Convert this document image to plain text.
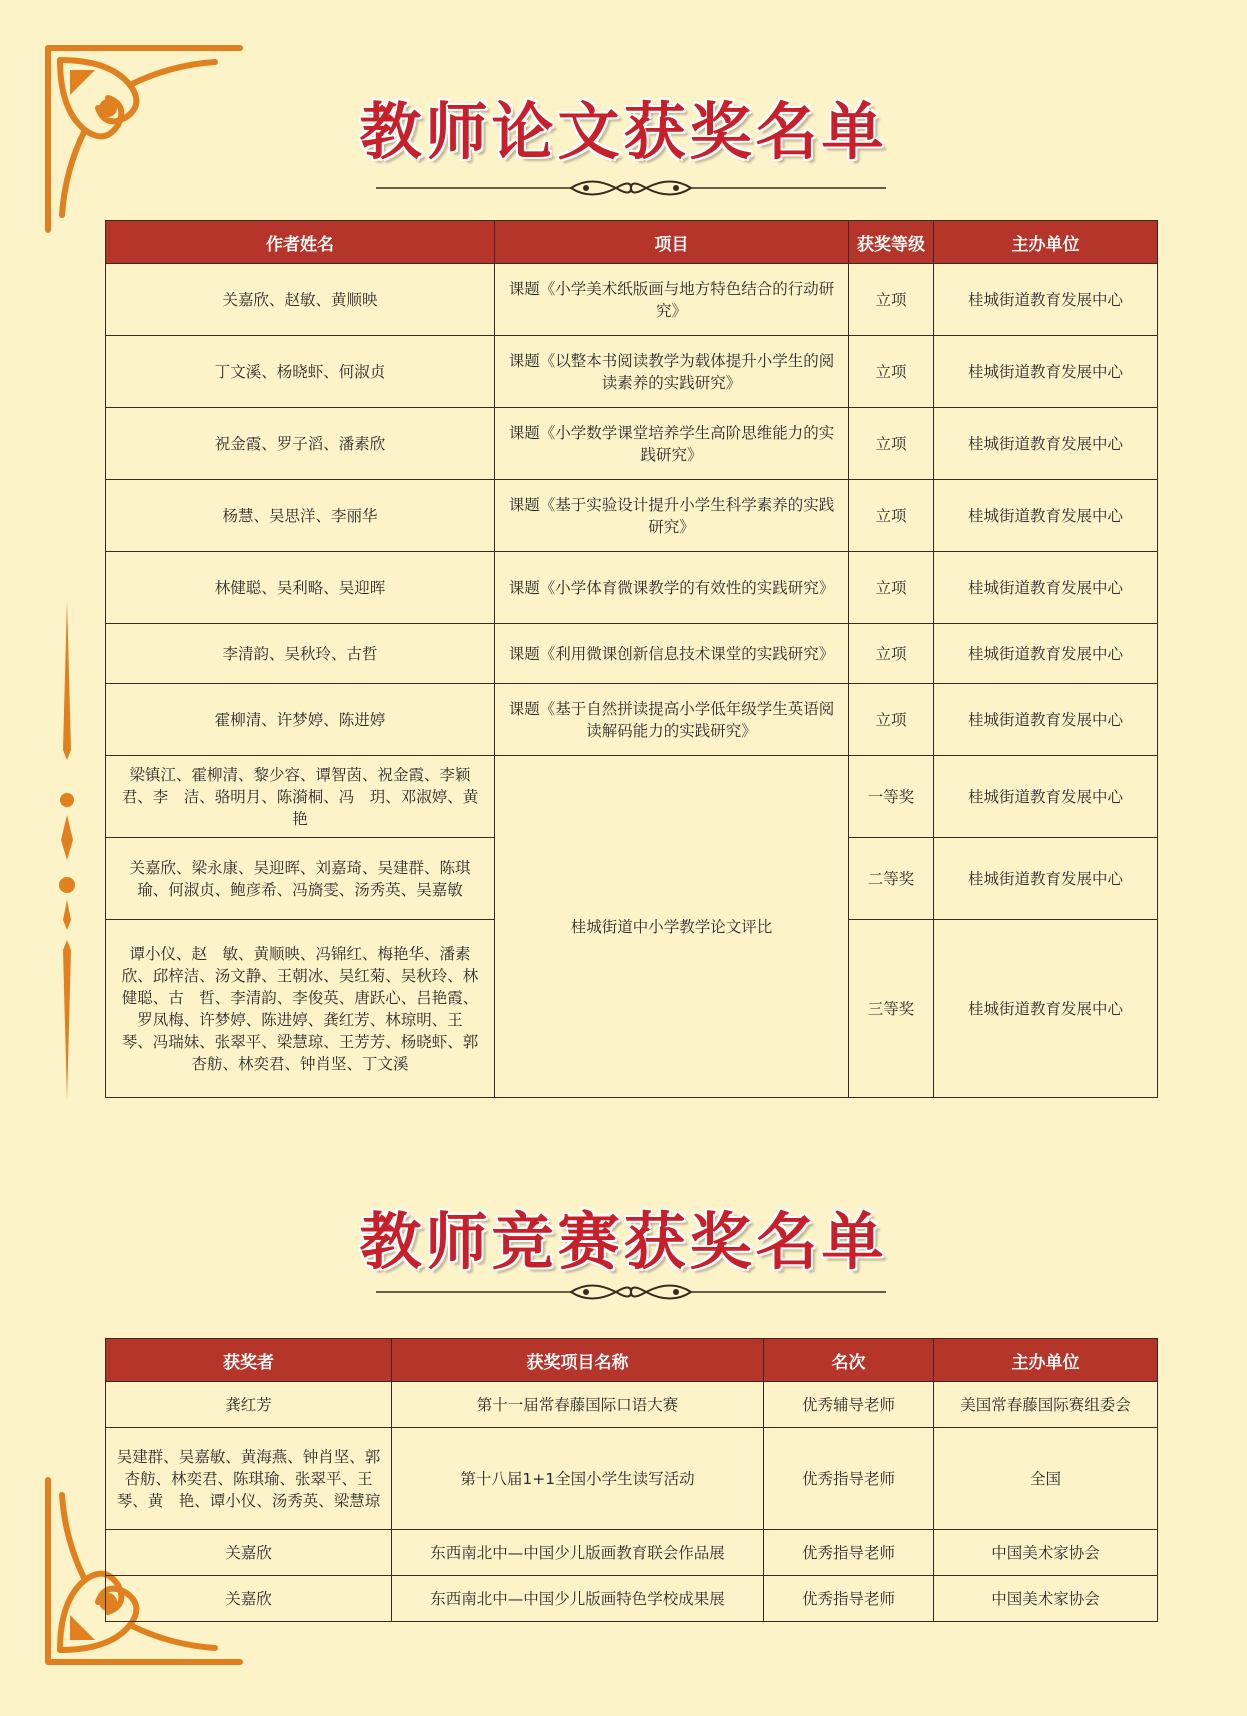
教师论文获奖名单
作者姓名	项目	获奖等级	主办单位
关嘉欣、赵敏、黄顺映	课题《小学美术纸版画与地方特色结合的行动研究》	立项	桂城街道教育发展中心
丁文溪、杨晓虾、何淑贞	课题《以整本书阅读教学为载体提升小学生的阅读素养的实践研究》	立项	桂城街道教育发展中心
祝金霞、罗子滔、潘素欣	课题《小学数学课堂培养学生高阶思维能力的实践研究》	立项	桂城街道教育发展中心
杨慧、吴思洋、李丽华	课题《基于实验设计提升小学生科学素养的实践研究》	立项	桂城街道教育发展中心
林健聪、吴利略、吴迎晖	课题《小学体育微课教学的有效性的实践研究》	立项	桂城街道教育发展中心
李清韵、吴秋玲、古哲	课题《利用微课创新信息技术课堂的实践研究》	立项	桂城街道教育发展中心
霍柳清、许梦婷、陈进婷	课题《基于自然拼读提高小学低年级学生英语阅读解码能力的实践研究》	立项	桂城街道教育发展中心
梁镇江、霍柳清、黎少容、谭智茵、祝金霞、李颖君、李　洁、骆明月、陈漪桐、冯　玥、邓淑婷、黄艳	桂城街道中小学教学论文评比	一等奖	桂城街道教育发展中心
关嘉欣、梁永康、吴迎晖、刘嘉琦、吴建群、陈琪瑜、何淑贞、鲍彦希、冯旖雯、汤秀英、吴嘉敏		二等奖	桂城街道教育发展中心
谭小仪、赵　敏、黄顺映、冯锦红、梅艳华、潘素欣、邱梓洁、汤文静、王朝冰、吴红菊、吴秋玲、林健聪、古　哲、李清韵、李俊英、唐跃心、吕艳霞、罗凤梅、许梦婷、陈进婷、龚红芳、林琼明、王　琴、冯瑞妹、张翠平、梁慧琼、王芳芳、杨晓虾、郭杏舫、林奕君、钟肖坚、丁文溪		三等奖	桂城街道教育发展中心
教师竞赛获奖名单
获奖者	获奖项目名称	名次	主办单位
龚红芳	第十一届常春藤国际口语大赛	优秀辅导老师	美国常春藤国际赛组委会
吴建群、吴嘉敏、黄海燕、钟肖坚、郭杏舫、林奕君、陈琪瑜、张翠平、王　琴、黄　艳、谭小仪、汤秀英、梁慧琼	第十八届1+1全国小学生读写活动	优秀指导老师	全国
关嘉欣	东西南北中—中国少儿版画教育联会作品展	优秀指导老师	中国美术家协会
关嘉欣	东西南北中—中国少儿版画特色学校成果展	优秀指导老师	中国美术家协会
